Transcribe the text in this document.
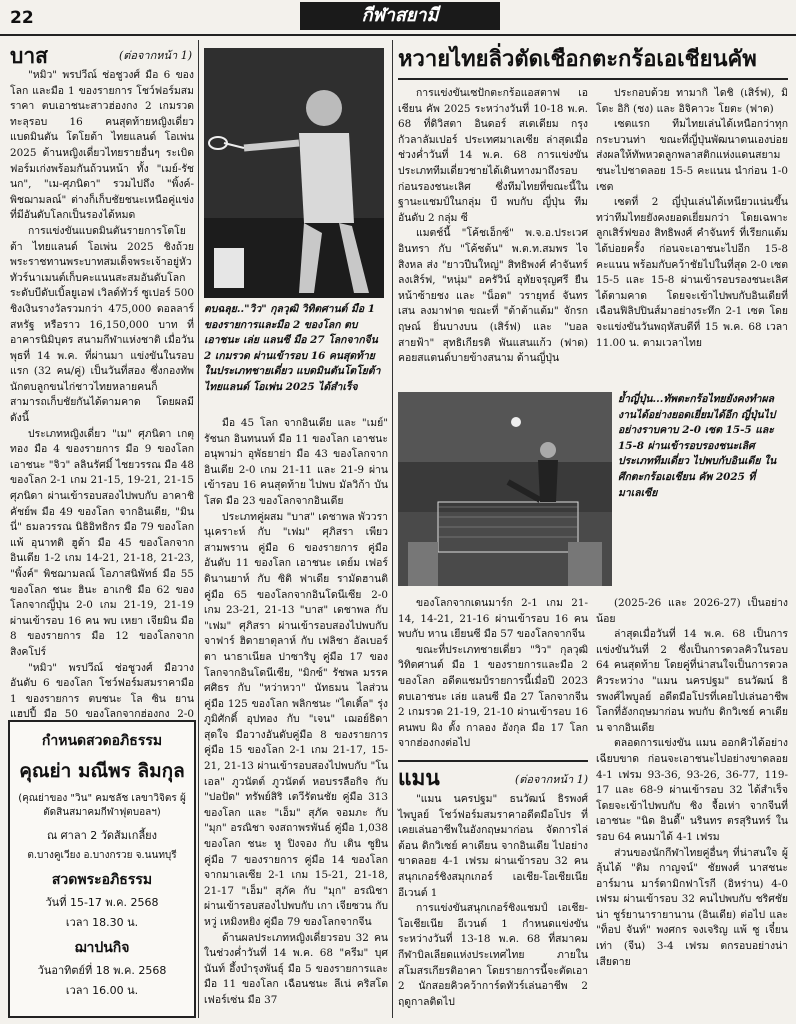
22	กีฬาสยามี
บาส	(ต่อจากหน้า 1)

"หมิว" พรปวีณ์ ช่อชูวงศ์ มือ 6 ของโลก และมือ 1 ของรายการ โชว์ฟอร์มสมราคา ตบเอาชนะสาวฮ่องกง 2 เกมรวด ทะลุรอบ 16 คนสุดท้ายหญิงเดี่ยว แบดมินตัน โตโยต้า ไทยแลนด์ โอเพ่น 2025 ด้านหญิงเดี่ยวไทยรายอื่นๆ ระเบิดฟอร์มเก่งพร้อมกันถ้วนหน้า ทั้ง "เมย์-รัชนก", "เม-ศุภนิดา" รวมไปถึง "พิ้งค์-พิชฌามลณ์" ต่างก็เก็บชัยชนะเหนือคู่แข่งที่มีอันดับโลกเป็นรองได้หมด

การแข่งขันแบดมินตันรายการโตโยต้า ไทยแลนด์ โอเพ่น 2025 ชิงถ้วยพระราชทานพระบาทสมเด็จพระเจ้าอยู่หัว ทัวร์นาเมนต์เก็บคะแนนสะสมอันดับโลกระดับบีดับเบิ้ลยูเอฟ เวิลด์ทัวร์ ซูเปอร์ 500 ชิงเงินรางวัลรวมกว่า 475,000 ดอลลาร์สหรัฐ หรือราว 16,150,000 บาท ที่อาคารนิมิบุตร สนามกีฬาแห่งชาติ เมื่อวันพุธที่ 14 พ.ค. ที่ผ่านมา แข่งขันในรอบแรก (32 คน/คู่) เป็นวันที่สอง ซึ่งกองทัพนักตบลูกขนไก่ชาวไทยหลายคนก็สามารถเก็บชัยกันได้ตามคาด โดยผลมีดังนี้

ประเภทหญิงเดี่ยว "เม" ศุภนิดา เกตุทอง มือ 4 ของรายการ มือ 9 ของโลก เอาชนะ "จิว" ลลินรัศมิ์ ไชยวรรณ มือ 48 ของโลก 2-1 เกม 21-15, 19-21, 21-15 ศุภนิดา ผ่านเข้ารอบสองไปพบกับ อาคาชิ คัชย์พ มือ 49 ของโลก จากอินเดีย, "มินนี่" ธมลวรรณ นิธิอิทธิกร มือ 79 ของโลก แพ้ อุนาทติ ฮูด้า มือ 45 ของโลกจากอินเดีย 1-2 เกม 14-21, 21-18, 21-23, "พิ้งค์" พิชฌามลณ์ โอภาสนิพัทธ์ มือ 55 ของโลก ชนะ ฮินะ อาเกชิ มือ 62 ของโลกจากญี่ปุ่น 2-0 เกม 21-19, 21-19 ผ่านเข้ารอบ 16 คน พบ เหยา เจียมิน มือ 8 ของรายการ มือ 12 ของโลกจากสิงคโปร์

"หมิว" พรปวีณ์ ช่อชูวงศ์ มือวางอันดับ 6 ของโลก โชว์ฟอร์มสมราคามือ 1 ของรายการ ตบชนะ โล ซิน ยาน แฮปปี้ มือ 50 ของโลกจากฮ่องกง 2-0

กำหนดสวดอภิธรรม
คุณย่า มณีพร ลิมกุล
(คุณย่าของ "วิน" คมชลัช เลขาวิจิตร ผู้ตัดสินสมาคมกีฬาฟุตบอลฯ)
ณ ศาลา 2 วัดส้มเกลี้ยง
ต.บางคูเวียง อ.บางกรวย จ.นนทบุรี
สวดพระอภิธรรม
วันที่ 15-17 พ.ค. 2568
เวลา 18.30 น.
ฌาปนกิจ
วันอาทิตย์ที่ 18 พ.ค. 2568
เวลา 16.00 น.
ตบฉลุย.."วิว" กุลวุฒิ วิทิตศานต์ มือ 1 ของรายการและมือ 2 ของโลก ตบเอาชนะ เล่ย แลนซี มือ 27 โลกจากจีน 2 เกมรวด ผ่านเข้ารอบ 16 คนสุดท้าย ในประเภทชายเดี่ยว แบดมินตันโตโยต้า ไทยแลนด์ โอเพ่น 2025 ได้สำเร็จ

มือ 45 โลก จากอินเดีย และ "เมย์" รัชนก อินทนนท์ มือ 11 ของโลก เอาชนะ อนุพาม่า อุพัธยาย่า มือ 43 ของโลกจากอินเดีย 2-0 เกม 21-11 และ 21-9 ผ่านเข้ารอบ 16 คนสุดท้าย ไปพบ มัลวิก้า บันโสด มือ 23 ของโลกจากอินเดีย

ประเภทคู่ผสม "บาส" เดชาพล พัววรานุเคราะห์ กับ "เฟม" ศุภิสรา เพียวสามพราน คู่มือ 6 ของรายการ คู่มืออันดับ 11 ของโลก เอาชนะ เดย์ม เฟอร์ดินานยาห์ กับ ซิติ ฟาเดีย รามัดฮานติ คู่มือ 65 ของโลกจากอินโดนีเซีย 2-0 เกม 23-21, 21-13 "บาส" เดชาพล กับ "เฟม" ศุภิสรา ผ่านเข้ารอบสองไปพบกับ จาฟาร์ ฮิดายาตุลาห์ กับ เฟลิชา อัลเบอร์ตา นาธาเนียล ปาซาริบู คู่มือ 17 ของโลกจากอินโดนีเซีย, "มิกซ์" รัชพล มรรคศศิธร กับ "หว่าหวา" นัทธมน ไลส่วน คู่มือ 125 ของโลก พลิกชนะ "ไตเติ้ล" รุ่งภูมิศักดิ์ อุปทอง กับ "เจน" เฌอย์ธิดา สุดใจ มือวางอันดับคู่มือ 8 ของรายการ คู่มือ 15 ของโลก 2-1 เกม 21-17, 15-21, 21-13 ผ่านเข้ารอบสองไปพบกับ "โนเอล" ภูวนัตต์ ภูวนัตต์ หอบรรลือกิจ กับ "ปอปัด" ทรัพย์สิริ เตวีรัตนชัย คู่มือ 313 ของโลก และ "เอ็ม" สุภัค จอมภะ กับ "มุก" อรณิชา จงสถาพรพันธ์ คู่มือ 1,038 ของโลก ชนะ หู ปิงจอง กับ เติน ซูยิน คู่มือ 7 ของรายการ คู่มือ 14 ของโลกจากมาเลเซีย 2-1 เกม 15-21, 21-18, 21-17 "เอ็ม" สุภัค กับ "มุก" อรณิชา ผ่านเข้ารอบสองไปพบกับ เกา เจียซวน กับ หวู่ เหมิงหยิง คู่มือ 79 ของโลกจากจีน

ด้านผลประเภทหญิงเดี่ยวรอบ 32 คน ในช่วงค่ำวันที่ 14 พ.ค. 68 "ครีม" บุศนันท์ อึ้งบำรุงพันธุ์ มือ 5 ของรายการและมือ 11 ของโลก เฉือนชนะ ลีเน่ คริสโตเฟอร์เซ่น มือ 37

หวายไทยลิ่วตัดเชือกตะกร้อเอเชียนคัพ

การแข่งขันเซปักตะกร้อแอสตาฟ เอเชียน คัพ 2025 ระหว่างวันที่ 10-18 พ.ค. 68 ที่ดิวิสตา อินดอร์ สเตเดียม กรุงกัวลาลัมเปอร์ ประเทศมาเลเซีย ล่าสุดเมื่อช่วงค่ำวันที่ 14 พ.ค. 68 การแข่งขันประเภททีมเดี่ยวชายได้เดินทางมาถึงรอบก่อนรองชนะเลิศ ซึ่งทีมไทยที่ขณะนี้ในฐานะแชมป์ในกลุ่ม บี พบกับ ญี่ปุ่น ทีมอันดับ 2 กลุ่ม ซี

แมตช์นี้ "โค้ชเอ็กซ์" พ.จ.อ.ประเวศ อินทรา กับ "โค้ชต้น" พ.ต.ท.สมพร ไจสิงหล ส่ง "ยาวปีนใหญ่" สิทธิพงศ์ คำจันทร์ ลงเสิร์ฟ, "หนุ่ม" อครัวิน์ อุทัยจรุญศรี ยืนหน้าซ้ายชง และ "น็อต" วรายุทธ์ จันทรเสน ลงมาฟาด ขณะที่ "ต้าต้าแต้ม" จักรกฤษณ์ ยิ่นบางบน (เสิร์ฟ) และ "บอลสายฟ้า" สุทธิเกียรติ พันแสนแก้ว (ฟาด) คอยสแตนด์บายข้างสนาม ด้านญี่ปุ่น

ประกอบด้วย ทามากิ ไดชิ (เสิร์ฟ), มิโตะ อิกิ (ชง) และ อิจิคาวะ โยตะ (ฟาด)

เซตแรก ทีมไทยเล่นได้เหนือกว่าทุกกระบวนท่า ขณะที่ญี่ปุ่นพัฒนาตนเองบ่อยส่งผลให้ทัพหวดลูกพลาสติกแห่งแดนสยามชนะไปชาดลอย 15-5 คะแนน นำก่อน 1-0 เซต

เซตที่ 2 ญี่ปุ่นเล่นได้เหนียวแน่นขึ้น ทว่าทีมไทยยังคงยอดเยี่ยมกว่า โดยเฉพาะลูกเสิร์ฟของ สิทธิพงศ์ คำจันทร์ ที่เรียกแต้มได้บ่อยครั้ง ก่อนจะเอาชนะไปอีก 15-8 คะแนน พร้อมกับคว้าชัยไปในที่สุด 2-0 เซต 15-5 และ 15-8 ผ่านเข้ารอบรองชนะเลิศได้ตามคาด โดยจะเข้าไปพบกับอินเดียที่เฉือนฟิลิปปินส์มาอย่างระทึก 2-1 เซต โดยจะแข่งขันวันพฤหัสบดีที่ 15 พ.ค. 68 เวลา 11.00 น. ตามเวลาไทย

ย้ำญี่ปุ่น...ทัพตะกร้อไทยยังคงทำผลงานได้อย่างยอดเยี่ยมได้อีก ญี่ปุ่นไปอย่างราบคาบ 2-0 เซต 15-5 และ 15-8 ผ่านเข้ารอบรองชนะเลิศ ประเภททีมเดี่ยว ไปพบกับอินเดีย ในศึกตะกร้อเอเชียน คัพ 2025 ที่มาเลเซีย

ของโลกจากเดนมาร์ก 2-1 เกม 21-14, 14-21, 21-16 ผ่านเข้ารอบ 16 คน พบกับ หาน เยียนซี มือ 57 ของโลกจากจีน

ขณะที่ประเภทชายเดี่ยว "วิว" กุลวุฒิ วิทิตศานต์ มือ 1 ของรายการและมือ 2 ของโลก อดีตแชมป์รายการนี้เมื่อปี 2023 ตบเอาชนะ เล่ย แลนซี มือ 27 โลกจากจีน 2 เกมรวด 21-19, 21-10 ผ่านเข้ารอบ 16 คนพบ ผิง ตั้ง กาลอง อังกุล มือ 17 โลกจากฮ่องกงต่อไป

แมน	(ต่อจากหน้า 1)

"แมน นครปฐม" ธนวัฒน์ ธิรพงศ์ไพบูลย์ โชว์ฟอร์มสมราคาอดีตมือโปร ที่เคยเล่นอาชีพในอังกฤษมาก่อน จัดการไล่ต้อน ดิกวิเซย์ คาเดียน จากอินเดีย ไปอย่างขาดลอย 4-1 เฟรม ผ่านเข้ารอบ 32 คนสนุกเกอร์ชิงสมุกเกอร์ เอเชีย-โอเชียเนีย อีเวนต์ 1

การแข่งขันสนุกเกอร์ชิงแชมป์ เอเชีย-โอเชียเนีย อีเวนต์ 1 กำหนดแข่งขันระหว่างวันที่ 13-18 พ.ค. 68 ที่สมาคมกีฬาบิลเลียดแห่งประเทศไทย ภายในสโมสรเกียรติอาคา โดยรายการนี้จะตัดเอา 2 นักสอยคิวคว้าการ์ดทัวร์เล่นอาชีพ 2 ฤดูกาลติดไป

(2025-26 และ 2026-27) เป็นอย่างน้อย

ล่าสุดเมื่อวันที่ 14 พ.ค. 68 เป็นการแข่งขันวันที่ 2 ซึ่งเป็นการดวลคิวในรอบ 64 คนสุดท้าย โดยคู่ที่น่าสนใจเป็นการดวลคิวระหว่าง "แมน นครปฐม" ธนวัฒน์ ธิรพงศ์ไพบูลย์ อดีตมือโปรที่เคยไปเล่นอาชีพโลกที่อังกฤษมาก่อน พบกับ ดิกวิเซย์ คาเดียน จากอินเดีย

ตลอดการแข่งขัน แมน ออกคิวได้อย่างเฉียบขาด ก่อนจะเอาชนะไปอย่างขาดลอย 4-1 เฟรม 93-36, 93-26, 36-77, 119-17 และ 68-9 ผ่านเข้ารอบ 32 ได้สำเร็จ โดยจะเข้าไปพบกับ ซิง จื้อเห่า จากจีนที่เอาชนะ "นิด อินดี้" นรินทร ตรสุรินทร์ ในรอบ 64 คนมาได้ 4-1 เฟรม

ส่วนของนักกีฬาไทยคู่อื่นๆ ที่น่าสนใจ ผู้ลุ้นได้ "ติม กาญจน์" ชัยพงศ์ นาสชนะ อาร์มาน มาร์ดามิกฟาโรกี (อิหร่าน) 4-0 เฟรม ผ่านเข้ารอบ 32 คนไปพบกับ ชริศชัยน่า ชูร์ยานารายานาน (อินเดีย) ต่อไป และ "ท็อป จันท์" พงศกร จงเจริญ แพ้ ซู เจี๋ยน เท่า (จีน) 3-4 เฟรม ตกรอบอย่างน่าเสียดาย
